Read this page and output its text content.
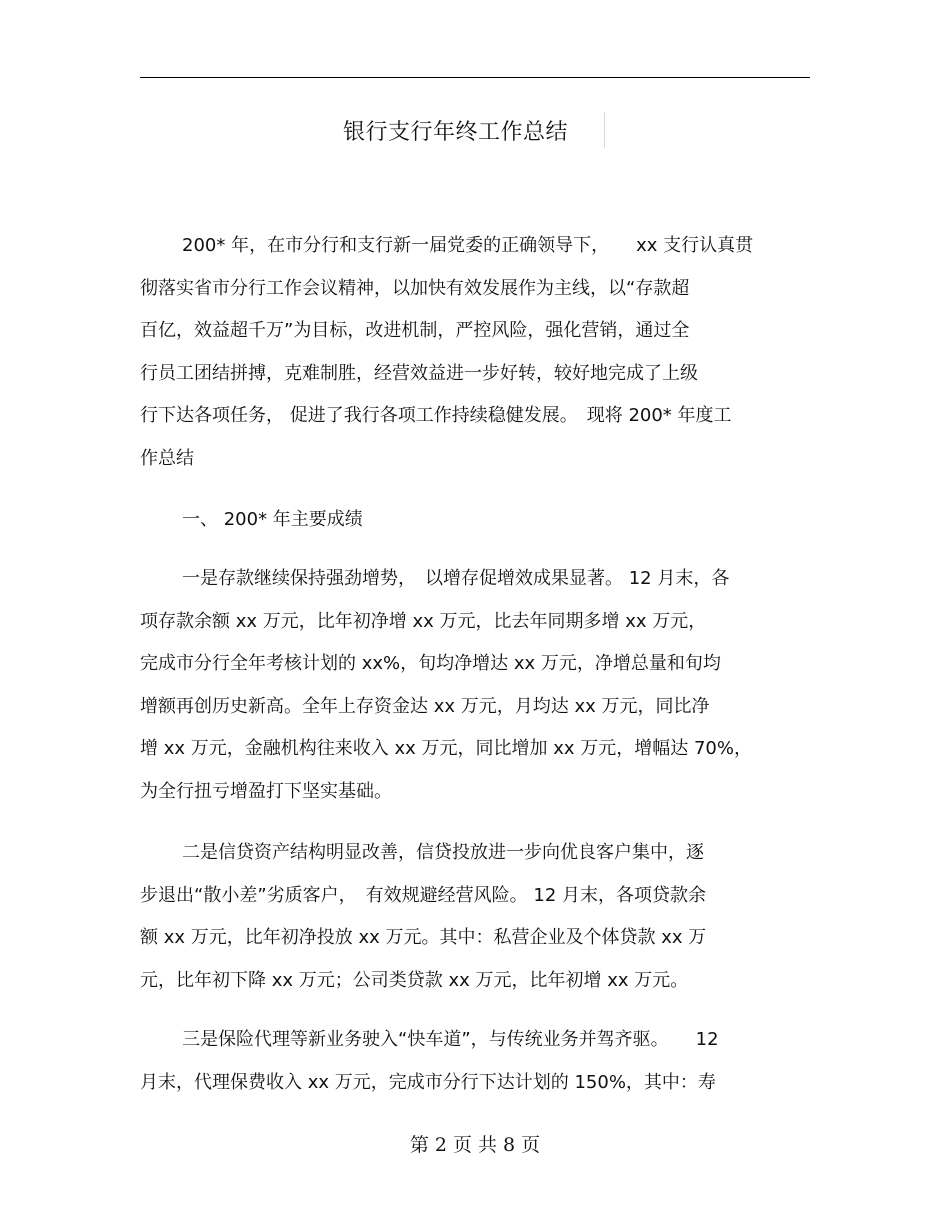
银行支行年终工作总结
200* 年，在市分行和支行新一届党委的正确领导下，　　xx 支行认真贯
彻落实省市分行工作会议精神，以加快有效发展作为主线，以“存款超
百亿，效益超千万”为目标，改进机制，严控风险，强化营销，通过全
行员工团结拼搏，克难制胜，经营效益进一步好转，较好地完成了上级
行下达各项任务， 促进了我行各项工作持续稳健发展。　现将 200* 年度工
作总结
一、 200* 年主要成绩
一是存款继续保持强劲增势，　以增存促增效成果显著。 12 月末，各
项存款余额 xx 万元，比年初净增 xx 万元，比去年同期多增 xx 万元，
完成市分行全年考核计划的 xx%，旬均净增达 xx 万元，净增总量和旬均
增额再创历史新高。全年上存资金达 xx 万元，月均达 xx 万元，同比净
增 xx 万元，金融机构往来收入 xx 万元，同比增加 xx 万元，增幅达 70%，
为全行扭亏增盈打下坚实基础。
二是信贷资产结构明显改善，信贷投放进一步向优良客户集中，逐
步退出“散小差”劣质客户，　有效规避经营风险。 12 月末，各项贷款余
额 xx 万元，比年初净投放 xx 万元。其中：私营企业及个体贷款 xx 万
元，比年初下降 xx 万元；公司类贷款 xx 万元，比年初增 xx 万元。
三是保险代理等新业务驶入“快车道”，与传统业务并驾齐驱。　　12
月末，代理保费收入 xx 万元，完成市分行下达计划的 150%，其中：寿
第 2 页 共 8 页
